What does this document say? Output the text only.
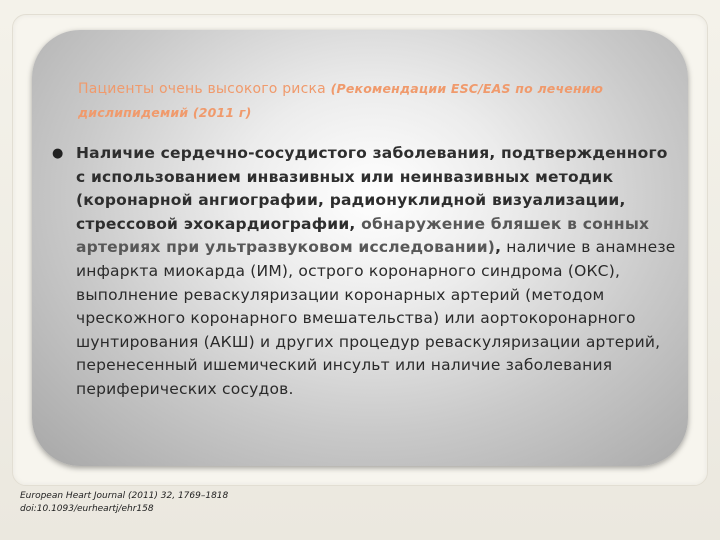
Пациенты очень высокого риска (Рекомендации ESC/EAS по лечению дислипидемий (2011 г)
● Наличие сердечно-сосудистого заболевания, подтвержденного с использованием инвазивных или неинвазивных методик (коронарной ангиографии, радионуклидной визуализации, стрессовой эхокардиографии, обнаружение бляшек в сонных артериях при ультразвуковом исследовании), наличие в анамнезе инфаркта миокарда (ИМ), острого коронарного синдрома (ОКС), выполнение реваскуляризации коронарных артерий (методом чрескожного коронарного вмешательства) или аортокоронарного шунтирования (АКШ) и других процедур реваскуляризации артерий, перенесенный ишемический инсульт или наличие заболевания периферических сосудов.

European Heart Journal (2011) 32, 1769–1818
doi:10.1093/eurheartj/ehr158
